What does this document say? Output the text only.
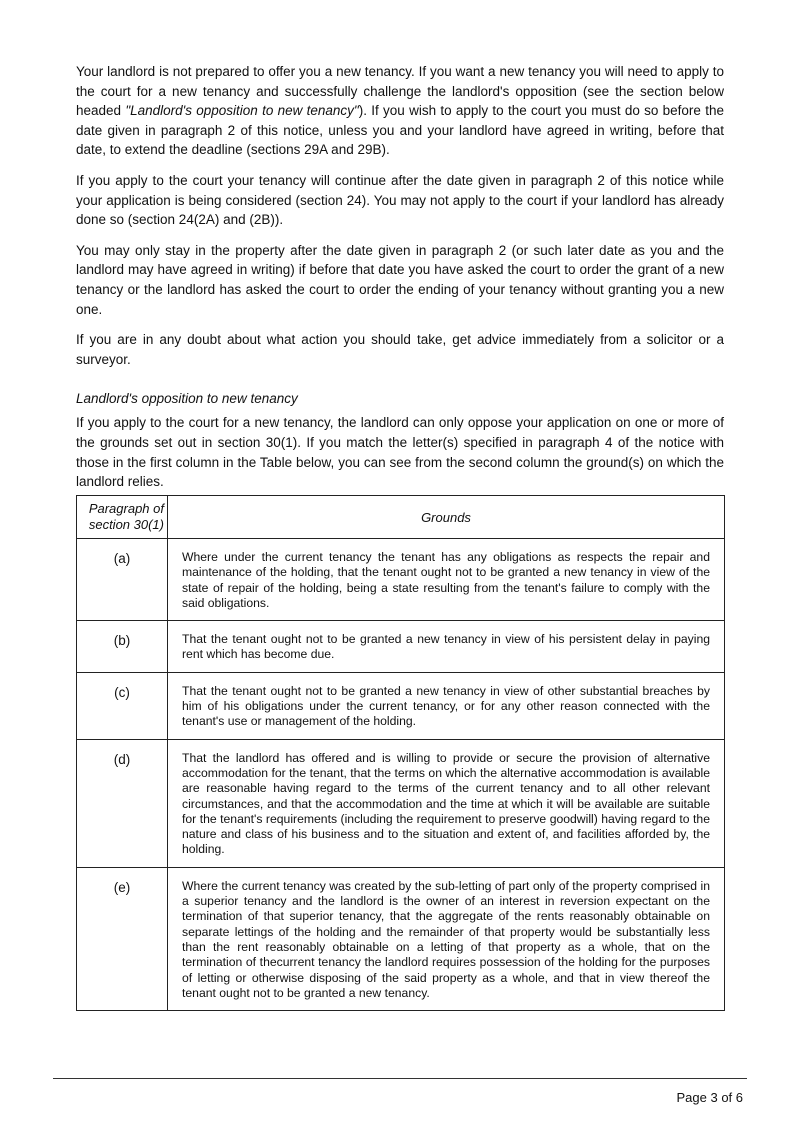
Your landlord is not prepared to offer you a new tenancy. If you want a new tenancy you will need to apply to the court for a new tenancy and successfully challenge the landlord's opposition (see the section below headed "Landlord's opposition to new tenancy"). If you wish to apply to the court you must do so before the date given in paragraph 2 of this notice, unless you and your landlord have agreed in writing, before that date, to extend the deadline (sections 29A and 29B).

If you apply to the court your tenancy will continue after the date given in paragraph 2 of this notice while your application is being considered (section 24). You may not apply to the court if your landlord has already done so (section 24(2A) and (2B)).

You may only stay in the property after the date given in paragraph 2 (or such later date as you and the landlord may have agreed in writing) if before that date you have asked the court to order the grant of a new tenancy or the landlord has asked the court to order the ending of your tenancy without granting you a new one.

If you are in any doubt about what action you should take, get advice immediately from a solicitor or a surveyor.

Landlord's opposition to new tenancy

If you apply to the court for a new tenancy, the landlord can only oppose your application on one or more of the grounds set out in section 30(1). If you match the letter(s) specified in paragraph 4 of the notice with those in the first column in the Table below, you can see from the second column the ground(s) on which the landlord relies.

Paragraph of
section 30(1)	Grounds
(a)	Where under the current tenancy the tenant has any obligations as respects the repair and maintenance of the holding, that the tenant ought not to be granted a new tenancy in view of the state of repair of the holding, being a state resulting from the tenant's failure to comply with the said obligations.
(b)	That the tenant ought not to be granted a new tenancy in view of his persistent delay in paying rent which has become due.
(c)	That the tenant ought not to be granted a new tenancy in view of other substantial breaches by him of his obligations under the current tenancy, or for any other reason connected with the tenant's use or management of the holding.
(d)	That the landlord has offered and is willing to provide or secure the provision of alternative accommodation for the tenant, that the terms on which the alternative accommodation is available are reasonable having regard to the terms of the current tenancy and to all other relevant circumstances, and that the accommodation and the time at which it will be available are suitable for the tenant's requirements (including the requirement to preserve goodwill) having regard to the nature and class of his business and to the situation and extent of, and facilities afforded by, the holding.
(e)	Where the current tenancy was created by the sub-letting of part only of the property comprised in a superior tenancy and the landlord is the owner of an interest in reversion expectant on the termination of that superior tenancy, that the aggregate of the rents reasonably obtainable on separate lettings of the holding and the remainder of that property would be substantially less than the rent reasonably obtainable on a letting of that property as a whole, that on the termination of thecurrent tenancy the landlord requires possession of the holding for the purposes of letting or otherwise disposing of the said property as a whole, and that in view thereof the tenant ought not to be granted a new tenancy.
Page 3 of 6
